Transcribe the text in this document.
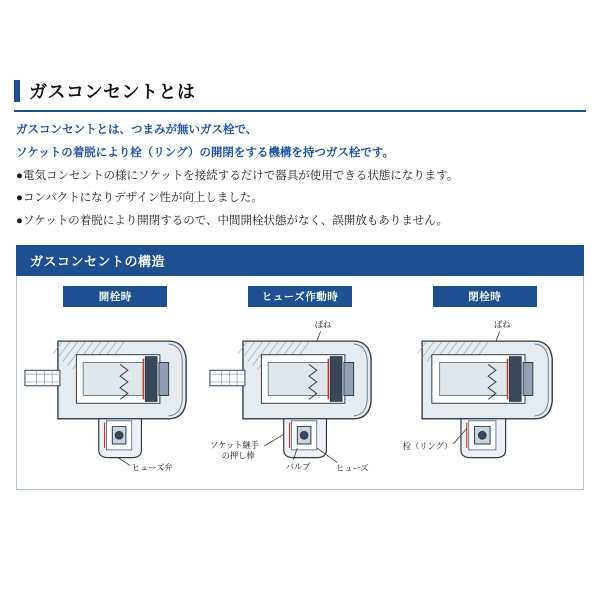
ガスコンセントとは

ガスコンセントとは、つまみが無いガス栓で、

ソケットの着脱により栓（リング）の開閉をする機構を持つガス栓です。

●電気コンセントの様にソケットを接続するだけで器具が使用できる状態になります。

●コンパクトになりデザイン性が向上しました。

●ソケットの着脱により開閉するので、中間開栓状態がなく、誤開放もありません。

ガスコンセントの構造
開栓時
ヒューズ弁
ヒューズ作動時
ばね
ソケット継手
の押し棒
バルブ	ヒューズ
閉栓時
ばね
栓（リング）
